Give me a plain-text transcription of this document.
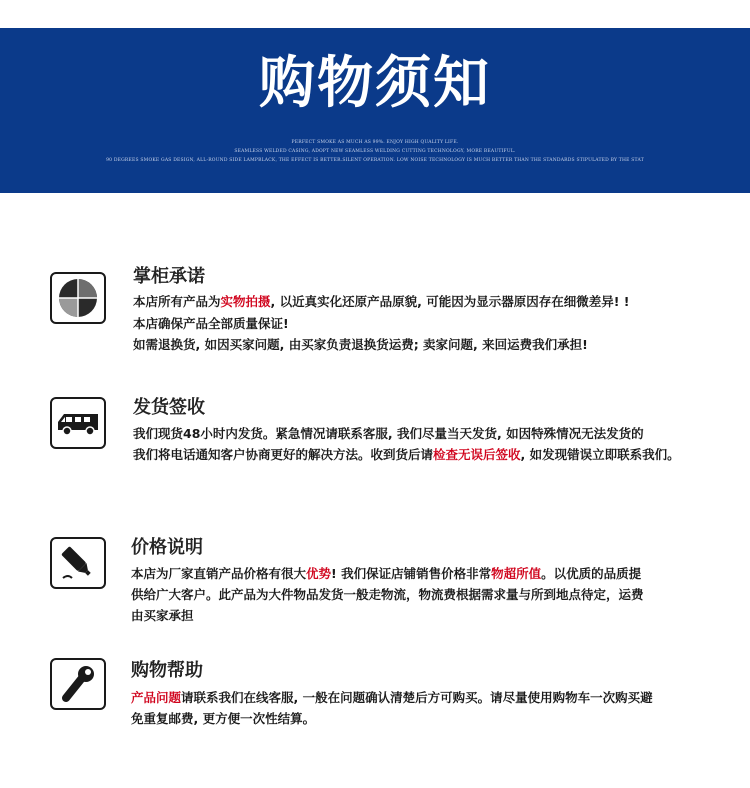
购物须知
PERFECT SMOKE AS MUCH AS 99%. ENJOY HIGH QUALITY LIFE.
SEAMLESS WELDED CASING, ADOPT NEW SEAMLESS WELDING CUTTING TECHNOLOGY, MORE BEAUTIFUL.
90 DEGREES SMOKE GAS DESIGN, ALL-ROUND SIDE LAMPBLACK, THE EFFECT IS BETTER.SILENT OPERATION. LOW NOISE TECHNOLOGY IS MUCH BETTER THAN THE STANDARDS STIPULATED BY THE STAT
掌柜承诺
本店所有产品为实物拍摄, 以近真实化还原产品原貌, 可能因为显示器原因存在细微差异! !
本店确保产品全部质量保证!
如需退换货, 如因买家问题, 由买家负责退换货运费; 卖家问题, 来回运费我们承担!
发货签收
我们现货48小时内发货。紧急情况请联系客服, 我们尽量当天发货, 如因特殊情况无法发货的
我们将电话通知客户协商更好的解决方法。收到货后请检查无误后签收, 如发现错误立即联系我们。
价格说明
本店为厂家直销产品价格有很大优势! 我们保证店铺销售价格非常物超所值。以优质的品质提
供给广大客户。此产品为大件物品发货一般走物流，物流费根据需求量与所到地点待定，运费
由买家承担
购物帮助
产品问题请联系我们在线客服, 一般在问题确认清楚后方可购买。请尽量使用购物车一次购买避
免重复邮费, 更方便一次性结算。
